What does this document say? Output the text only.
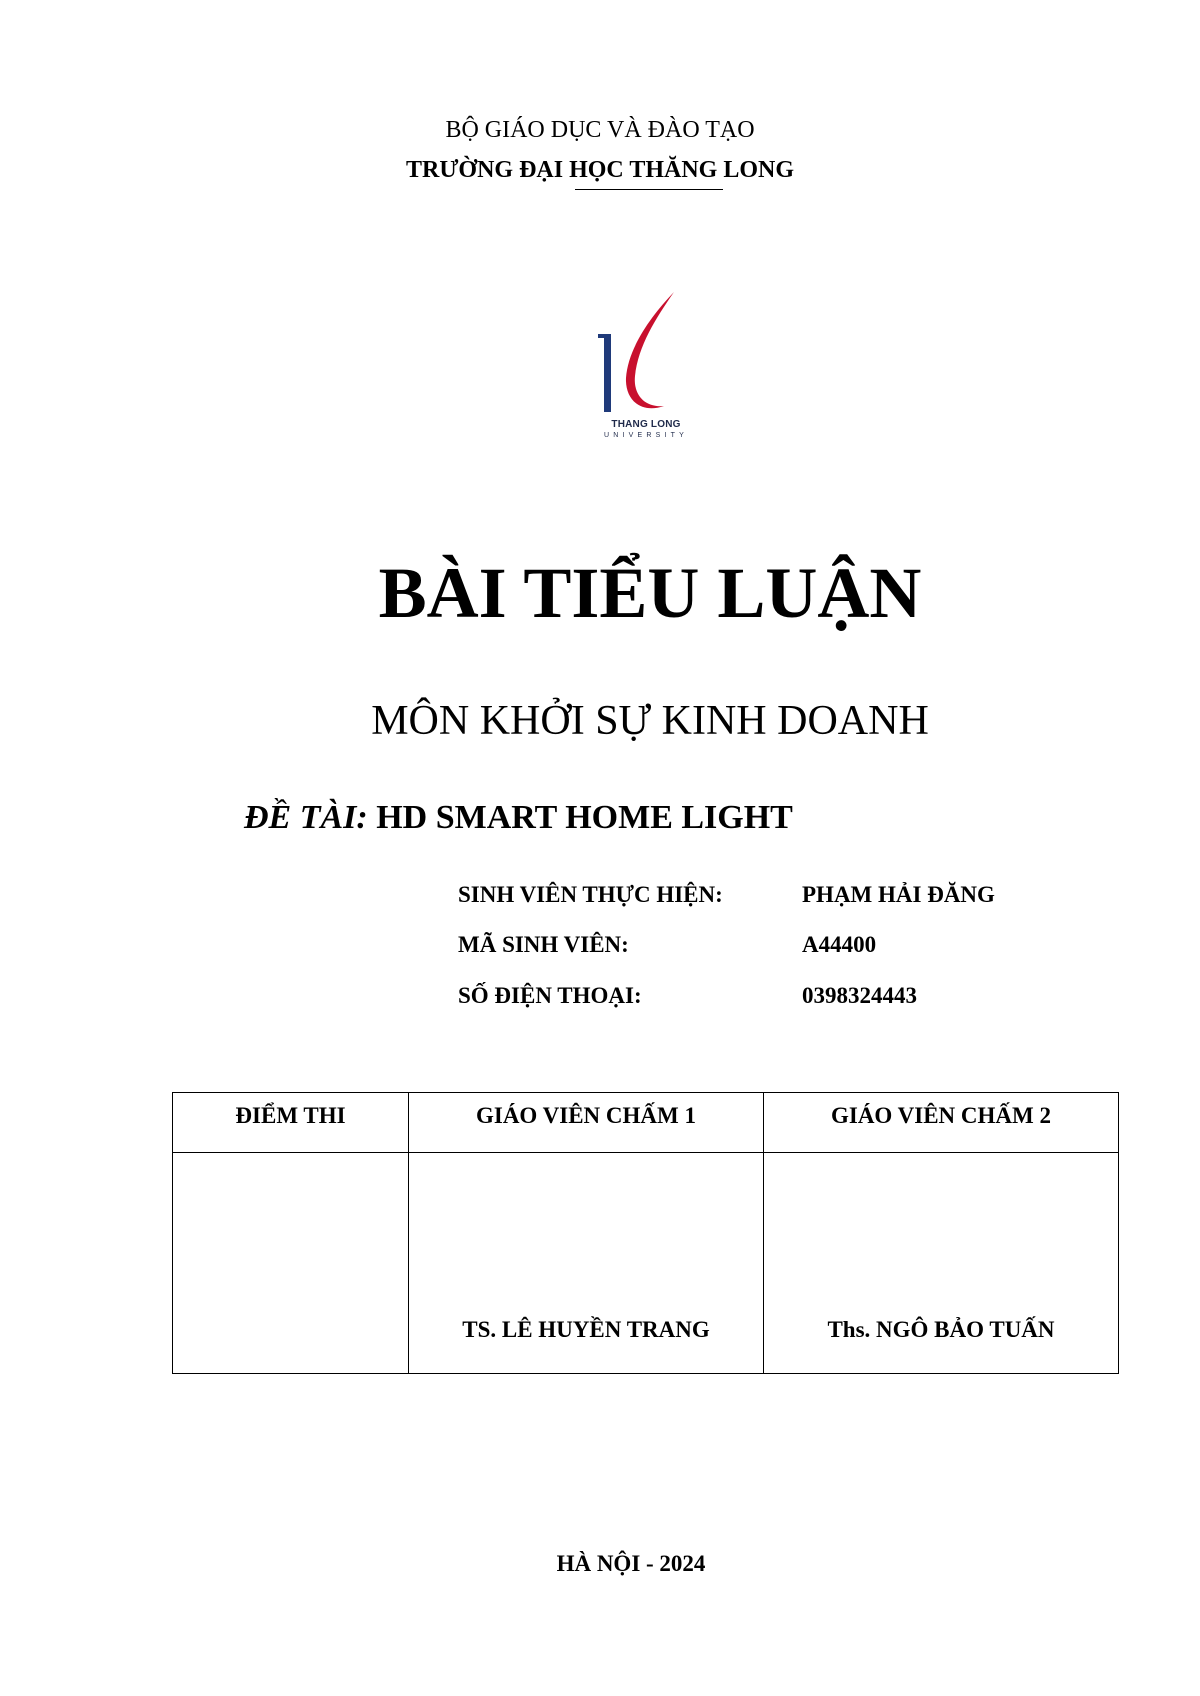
BỘ GIÁO DỤC VÀ ĐÀO TẠO
TRƯỜNG ĐẠI HỌC THĂNG LONG
THANG LONG
UNIVERSITY
BÀI TIỂU LUẬN
MÔN KHỞI SỰ KINH DOANH
ĐỀ TÀI: HD SMART HOME LIGHT
SINH VIÊN THỰC HIỆN:	PHẠM HẢI ĐĂNG
MÃ SINH VIÊN:	A44400
SỐ ĐIỆN THOẠI:	0398324443
ĐIỂM THI	GIÁO VIÊN CHẤM 1	GIÁO VIÊN CHẤM 2
	TS. LÊ HUYỀN TRANG	Ths. NGÔ BẢO TUẤN
HÀ NỘI - 2024
